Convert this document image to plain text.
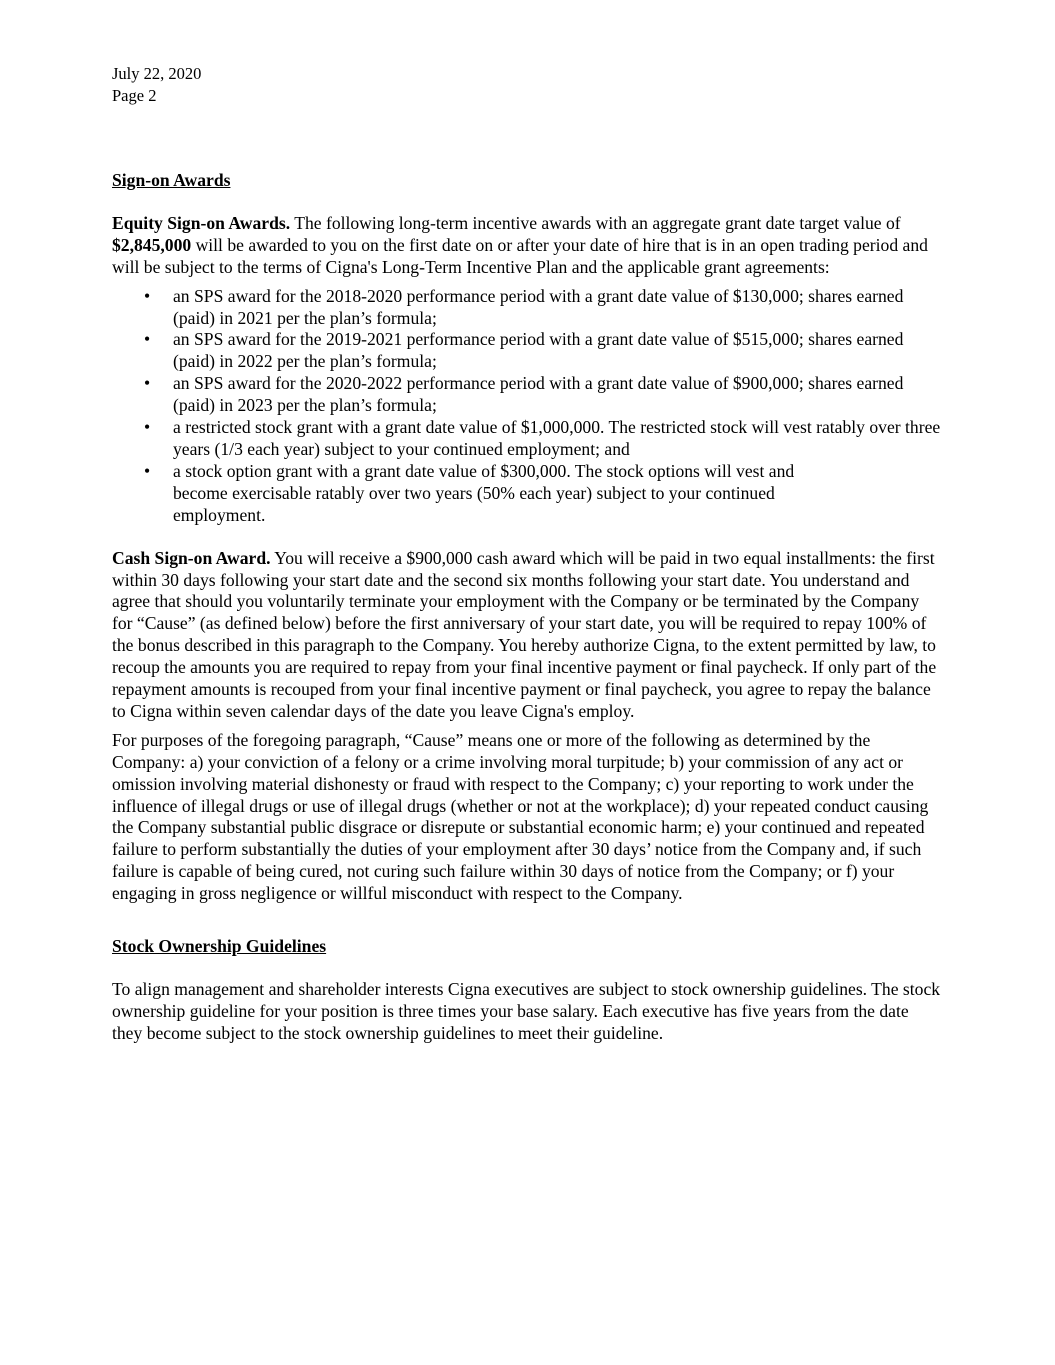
July 22, 2020
Page 2

Sign-on Awards

Equity Sign-on Awards. The following long-term incentive awards with an aggregate grant date target value of $2,845,000 will be awarded to you on the first date on or after your date of hire that is in an open trading period and will be subject to the terms of Cigna's Long-Term Incentive Plan and the applicable grant agreements:

• an SPS award for the 2018-2020 performance period with a grant date value of $130,000; shares earned (paid) in 2021 per the plan’s formula;
• an SPS award for the 2019-2021 performance period with a grant date value of $515,000; shares earned (paid) in 2022 per the plan’s formula;
• an SPS award for the 2020-2022 performance period with a grant date value of $900,000; shares earned (paid) in 2023 per the plan’s formula;
• a restricted stock grant with a grant date value of $1,000,000. The restricted stock will vest ratably over three years (1/3 each year) subject to your continued employment; and
• a stock option grant with a grant date value of $300,000. The stock options will vest and become exercisable ratably over two years (50% each year) subject to your continued employment.

Cash Sign-on Award. You will receive a $900,000 cash award which will be paid in two equal installments: the first within 30 days following your start date and the second six months following your start date. You understand and agree that should you voluntarily terminate your employment with the Company or be terminated by the Company for “Cause” (as defined below) before the first anniversary of your start date, you will be required to repay 100% of the bonus described in this paragraph to the Company. You hereby authorize Cigna, to the extent permitted by law, to recoup the amounts you are required to repay from your final incentive payment or final paycheck. If only part of the repayment amounts is recouped from your final incentive payment or final paycheck, you agree to repay the balance to Cigna within seven calendar days of the date you leave Cigna's employ.

For purposes of the foregoing paragraph, “Cause” means one or more of the following as determined by the Company: a) your conviction of a felony or a crime involving moral turpitude; b) your commission of any act or omission involving material dishonesty or fraud with respect to the Company; c) your reporting to work under the influence of illegal drugs or use of illegal drugs (whether or not at the workplace); d) your repeated conduct causing the Company substantial public disgrace or disrepute or substantial economic harm; e) your continued and repeated failure to perform substantially the duties of your employment after 30 days’ notice from the Company and, if such failure is capable of being cured, not curing such failure within 30 days of notice from the Company; or f) your engaging in gross negligence or willful misconduct with respect to the Company.

Stock Ownership Guidelines

To align management and shareholder interests Cigna executives are subject to stock ownership guidelines. The stock ownership guideline for your position is three times your base salary. Each executive has five years from the date they become subject to the stock ownership guidelines to meet their guideline.
